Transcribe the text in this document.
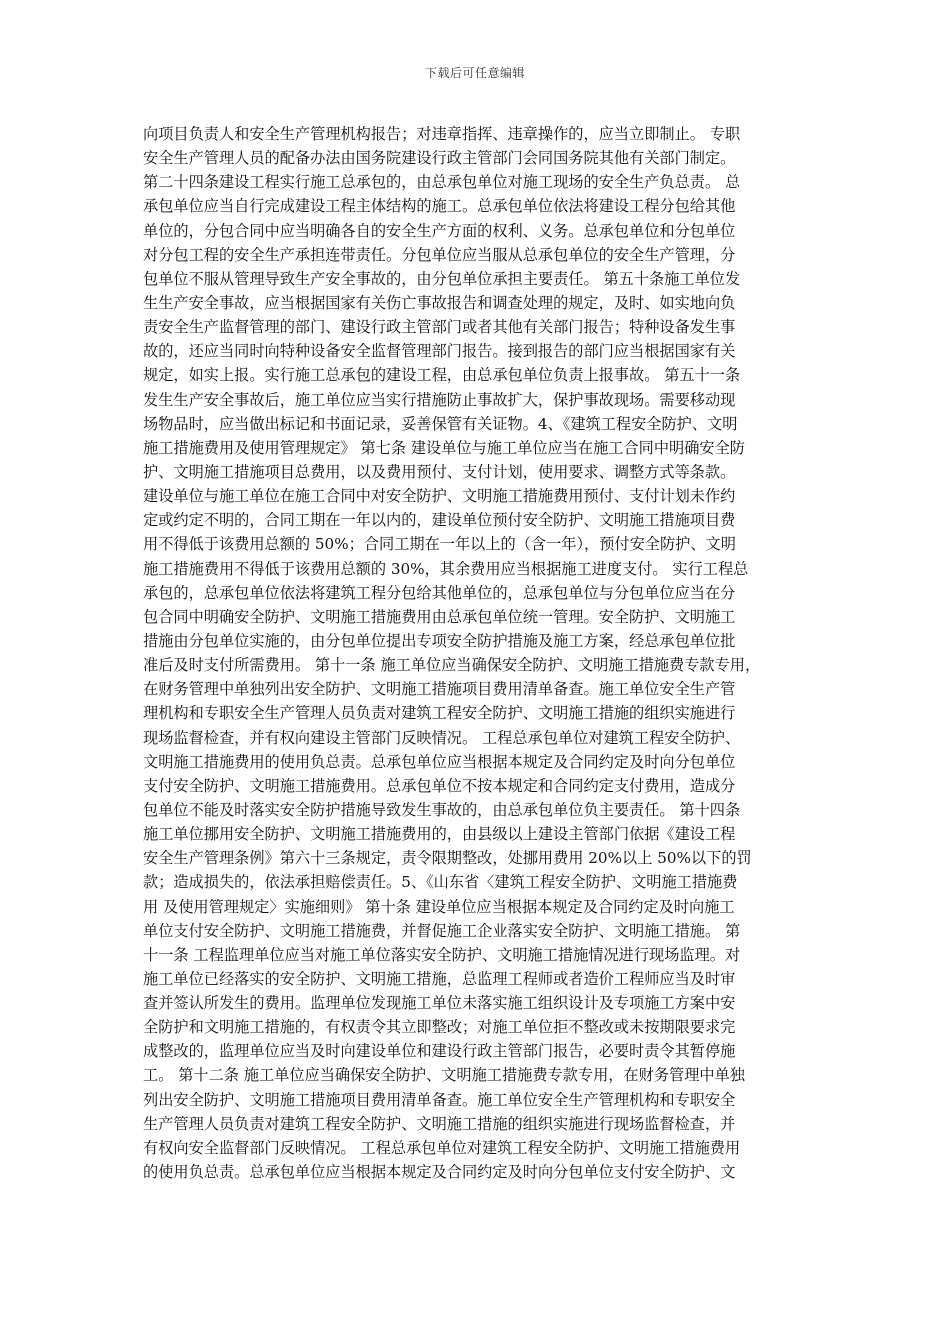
下载后可任意编辑
向项目负责人和安全生产管理机构报告；对违章指挥、违章操作的，应当立即制止。 专职
安全生产管理人员的配备办法由国务院建设行政主管部门会同国务院其他有关部门制定。
第二十四条建设工程实行施工总承包的，由总承包单位对施工现场的安全生产负总责。 总
承包单位应当自行完成建设工程主体结构的施工。总承包单位依法将建设工程分包给其他
单位的，分包合同中应当明确各自的安全生产方面的权利、义务。总承包单位和分包单位
对分包工程的安全生产承担连带责任。分包单位应当服从总承包单位的安全生产管理，分
包单位不服从管理导致生产安全事故的，由分包单位承担主要责任。 第五十条施工单位发
生生产安全事故，应当根据国家有关伤亡事故报告和调查处理的规定，及时、如实地向负
责安全生产监督管理的部门、建设行政主管部门或者其他有关部门报告；特种设备发生事
故的，还应当同时向特种设备安全监督管理部门报告。接到报告的部门应当根据国家有关
规定，如实上报。实行施工总承包的建设工程，由总承包单位负责上报事故。 第五十一条
发生生产安全事故后，施工单位应当实行措施防止事故扩大，保护事故现场。需要移动现
场物品时，应当做出标记和书面记录，妥善保管有关证物。4、《建筑工程安全防护、文明
施工措施费用及使用管理规定》 第七条 建设单位与施工单位应当在施工合同中明确安全防
护、文明施工措施项目总费用，以及费用预付、支付计划，使用要求、调整方式等条款。
建设单位与施工单位在施工合同中对安全防护、文明施工措施费用预付、支付计划未作约
定或约定不明的，合同工期在一年以内的，建设单位预付安全防护、文明施工措施项目费
用不得低于该费用总额的 50%；合同工期在一年以上的（含一年），预付安全防护、文明
施工措施费用不得低于该费用总额的 30%，其余费用应当根据施工进度支付。 实行工程总
承包的，总承包单位依法将建筑工程分包给其他单位的，总承包单位与分包单位应当在分
包合同中明确安全防护、文明施工措施费用由总承包单位统一管理。安全防护、文明施工
措施由分包单位实施的，由分包单位提出专项安全防护措施及施工方案，经总承包单位批
准后及时支付所需费用。 第十一条 施工单位应当确保安全防护、文明施工措施费专款专用，
在财务管理中单独列出安全防护、文明施工措施项目费用清单备查。施工单位安全生产管
理机构和专职安全生产管理人员负责对建筑工程安全防护、文明施工措施的组织实施进行
现场监督检查，并有权向建设主管部门反映情况。 工程总承包单位对建筑工程安全防护、
文明施工措施费用的使用负总责。总承包单位应当根据本规定及合同约定及时向分包单位
支付安全防护、文明施工措施费用。总承包单位不按本规定和合同约定支付费用，造成分
包单位不能及时落实安全防护措施导致发生事故的，由总承包单位负主要责任。 第十四条
施工单位挪用安全防护、文明施工措施费用的，由县级以上建设主管部门依据《建设工程
安全生产管理条例》第六十三条规定，责令限期整改，处挪用费用 20%以上 50%以下的罚
款；造成损失的，依法承担赔偿责任。5、《山东省〈建筑工程安全防护、文明施工措施费
用 及使用管理规定〉实施细则》 第十条 建设单位应当根据本规定及合同约定及时向施工
单位支付安全防护、文明施工措施费，并督促施工企业落实安全防护、文明施工措施。 第
十一条 工程监理单位应当对施工单位落实安全防护、文明施工措施情况进行现场监理。对
施工单位已经落实的安全防护、文明施工措施，总监理工程师或者造价工程师应当及时审
查并签认所发生的费用。监理单位发现施工单位未落实施工组织设计及专项施工方案中安
全防护和文明施工措施的，有权责令其立即整改；对施工单位拒不整改或未按期限要求完
成整改的，监理单位应当及时向建设单位和建设行政主管部门报告，必要时责令其暂停施
工。 第十二条 施工单位应当确保安全防护、文明施工措施费专款专用，在财务管理中单独
列出安全防护、文明施工措施项目费用清单备查。施工单位安全生产管理机构和专职安全
生产管理人员负责对建筑工程安全防护、文明施工措施的组织实施进行现场监督检查，并
有权向安全监督部门反映情况。 工程总承包单位对建筑工程安全防护、文明施工措施费用
的使用负总责。总承包单位应当根据本规定及合同约定及时向分包单位支付安全防护、文
